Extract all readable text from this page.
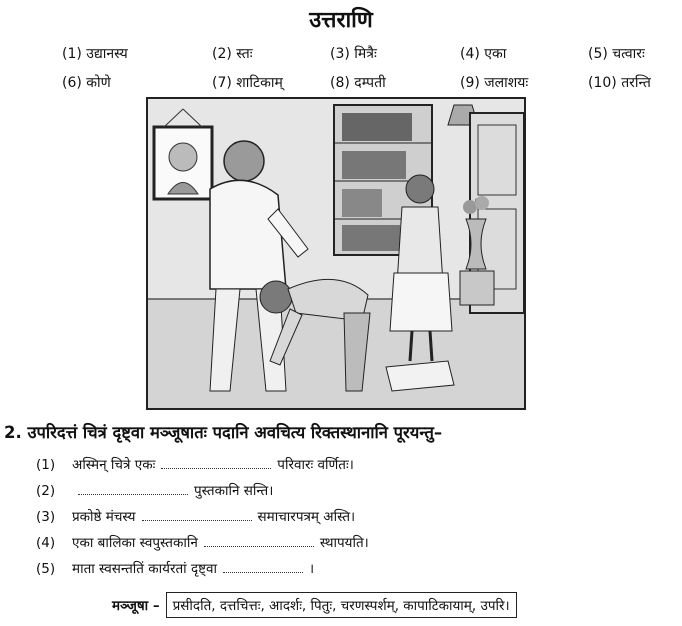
उत्तराणि
(1) उद्यानस्य	(2) स्तः	(3) मित्रैः	(4) एका	(5) चत्वारः
(6) कोणे	(7) शाटिकाम्	(8) दम्पती	(9) जलाशयः	(10) तरन्ति
2. उपरिदत्तं चित्रं दृष्ट्वा मञ्जूषातः पदानि अवचित्य रिक्तस्थानानि पूरयन्तु–
(1) अस्मिन् चित्रे एकः	परिवारः वर्णितः।
(2)	पुस्तकानि सन्ति।
(3) प्रकोष्ठे मंचस्य	समाचारपत्रम् अस्ति।
(4) एका बालिका स्वपुस्तकानि	स्थापयति।
(5) माता स्वसन्ततिं कार्यरतां दृष्ट्वा	।
मञ्जूषा – प्रसीदति, दत्तचित्तः, आदर्शः, पितुः, चरणस्पर्शम्, कापाटिकायाम्, उपरि।
